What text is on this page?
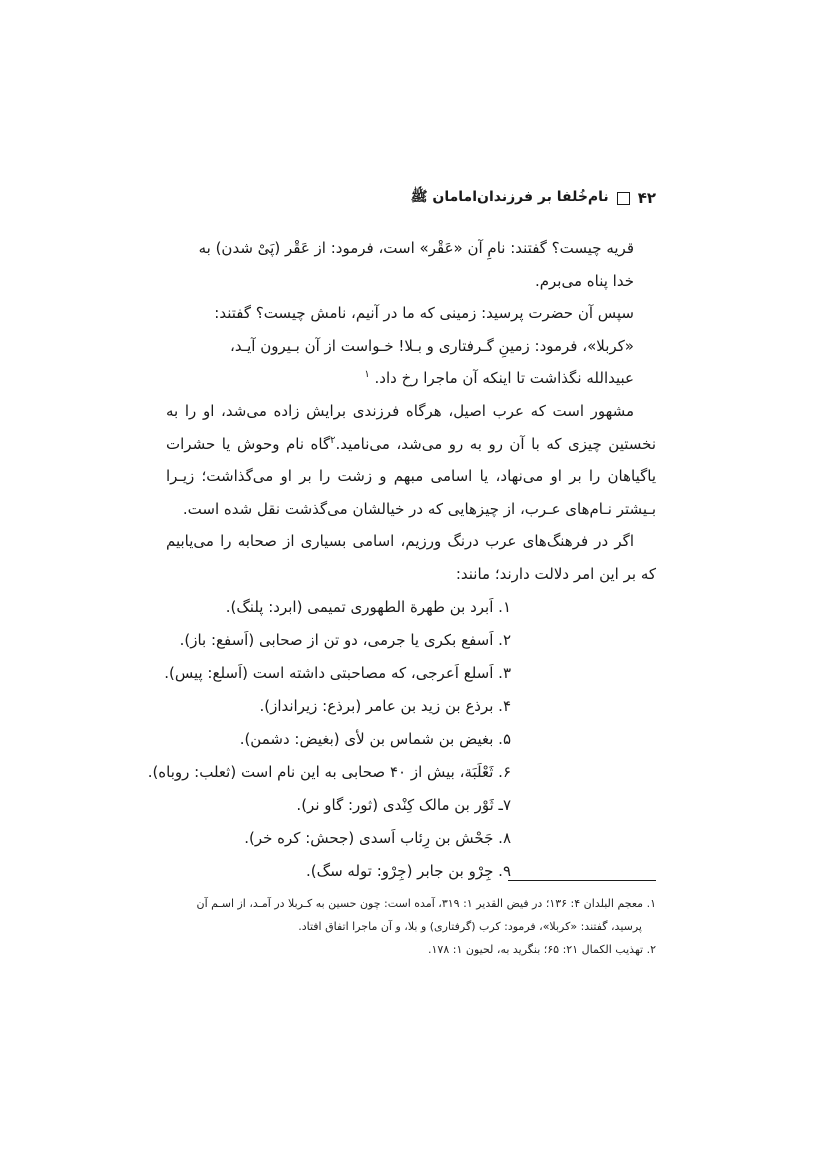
۴۲
نام‌خُلفا بر فرزندان‌امامان ﷺ

قریه چیست؟ گفتند: نامِ آن «عَقْر» است، فرمود: از عَقْر (پَیْ شدن) به

خدا پناه می‌برم.

سپس آن حضرت پرسید: زمینی که ما در آنیم، نامش چیست؟ گفتند:

«کربلا»، فرمود: زمینِ گـرفتاری و بـلا! خـواست از آن بـیرون آیـد،

عبیدالله نگذاشت تا اینکه آن ماجرا رخ داد. $^۱$

مشهور است که عرب اصیل، هرگاه فرزندی برایش زاده می‌شد، او را به نخستین چیزی که با آن رو به رو می‌شد، می‌نامید.$^۲$گاه نام وحوش یا حشرات یاگیاهان را بر او می‌نهاد، یا اسامی مبهم و زشت را بر او می‌گذاشت؛ زیـرا بـیشتر نـام‌های عـرب، از چیزهایی که در خیالشان می‌گذشت نقل شده است.

اگر در فرهنگ‌های عرب درنگ ورزیم، اسامی بسیاری از صحابه را می‌یابیم که بر این امر دلالت دارند؛ مانند:

۱. اَبرد بن طهرة الطهوری تمیمی (ابرد: پلنگ).
۲. اَسفع بکری یا جرمی، دو تن از صحابی (اَسفع: باز).
۳. اَسلع اَعرجی، که مصاحبتی داشته است (اَسلع: پیس).
۴. برذع بن زید بن عامر (برذع: زیرانداز).
۵. بغیض بن شماس بن لأی (بغیض: دشمن).
۶. ثَعْلَبَة، بیش از ۴۰ صحابی به این نام است (ثعلب: روباه).
۷ـ ثَوْر بن مالک کِنْدی (ثور: گاو نر).
۸. جَحْش بن رِئاب اَسدی (جحش: کره خر).
۹. جِرْو بن جابر (جِرْو: توله سگ).

۱. معجم البلدان ۴: ۱۳۶؛ در فیض القدیر ۱: ۳۱۹، آمده است: چون حسین به کـربلا در آمـد، از اسـم آن

پرسید، گفتند: «کربلا»، فرمود: کرب (گرفتاری) و بلا، و آن ماجرا اتفاق افتاد.

۲. تهذیب الکمال ۲۱: ۶۵؛ بنگرید به، لحیون ۱: ۱۷۸.
